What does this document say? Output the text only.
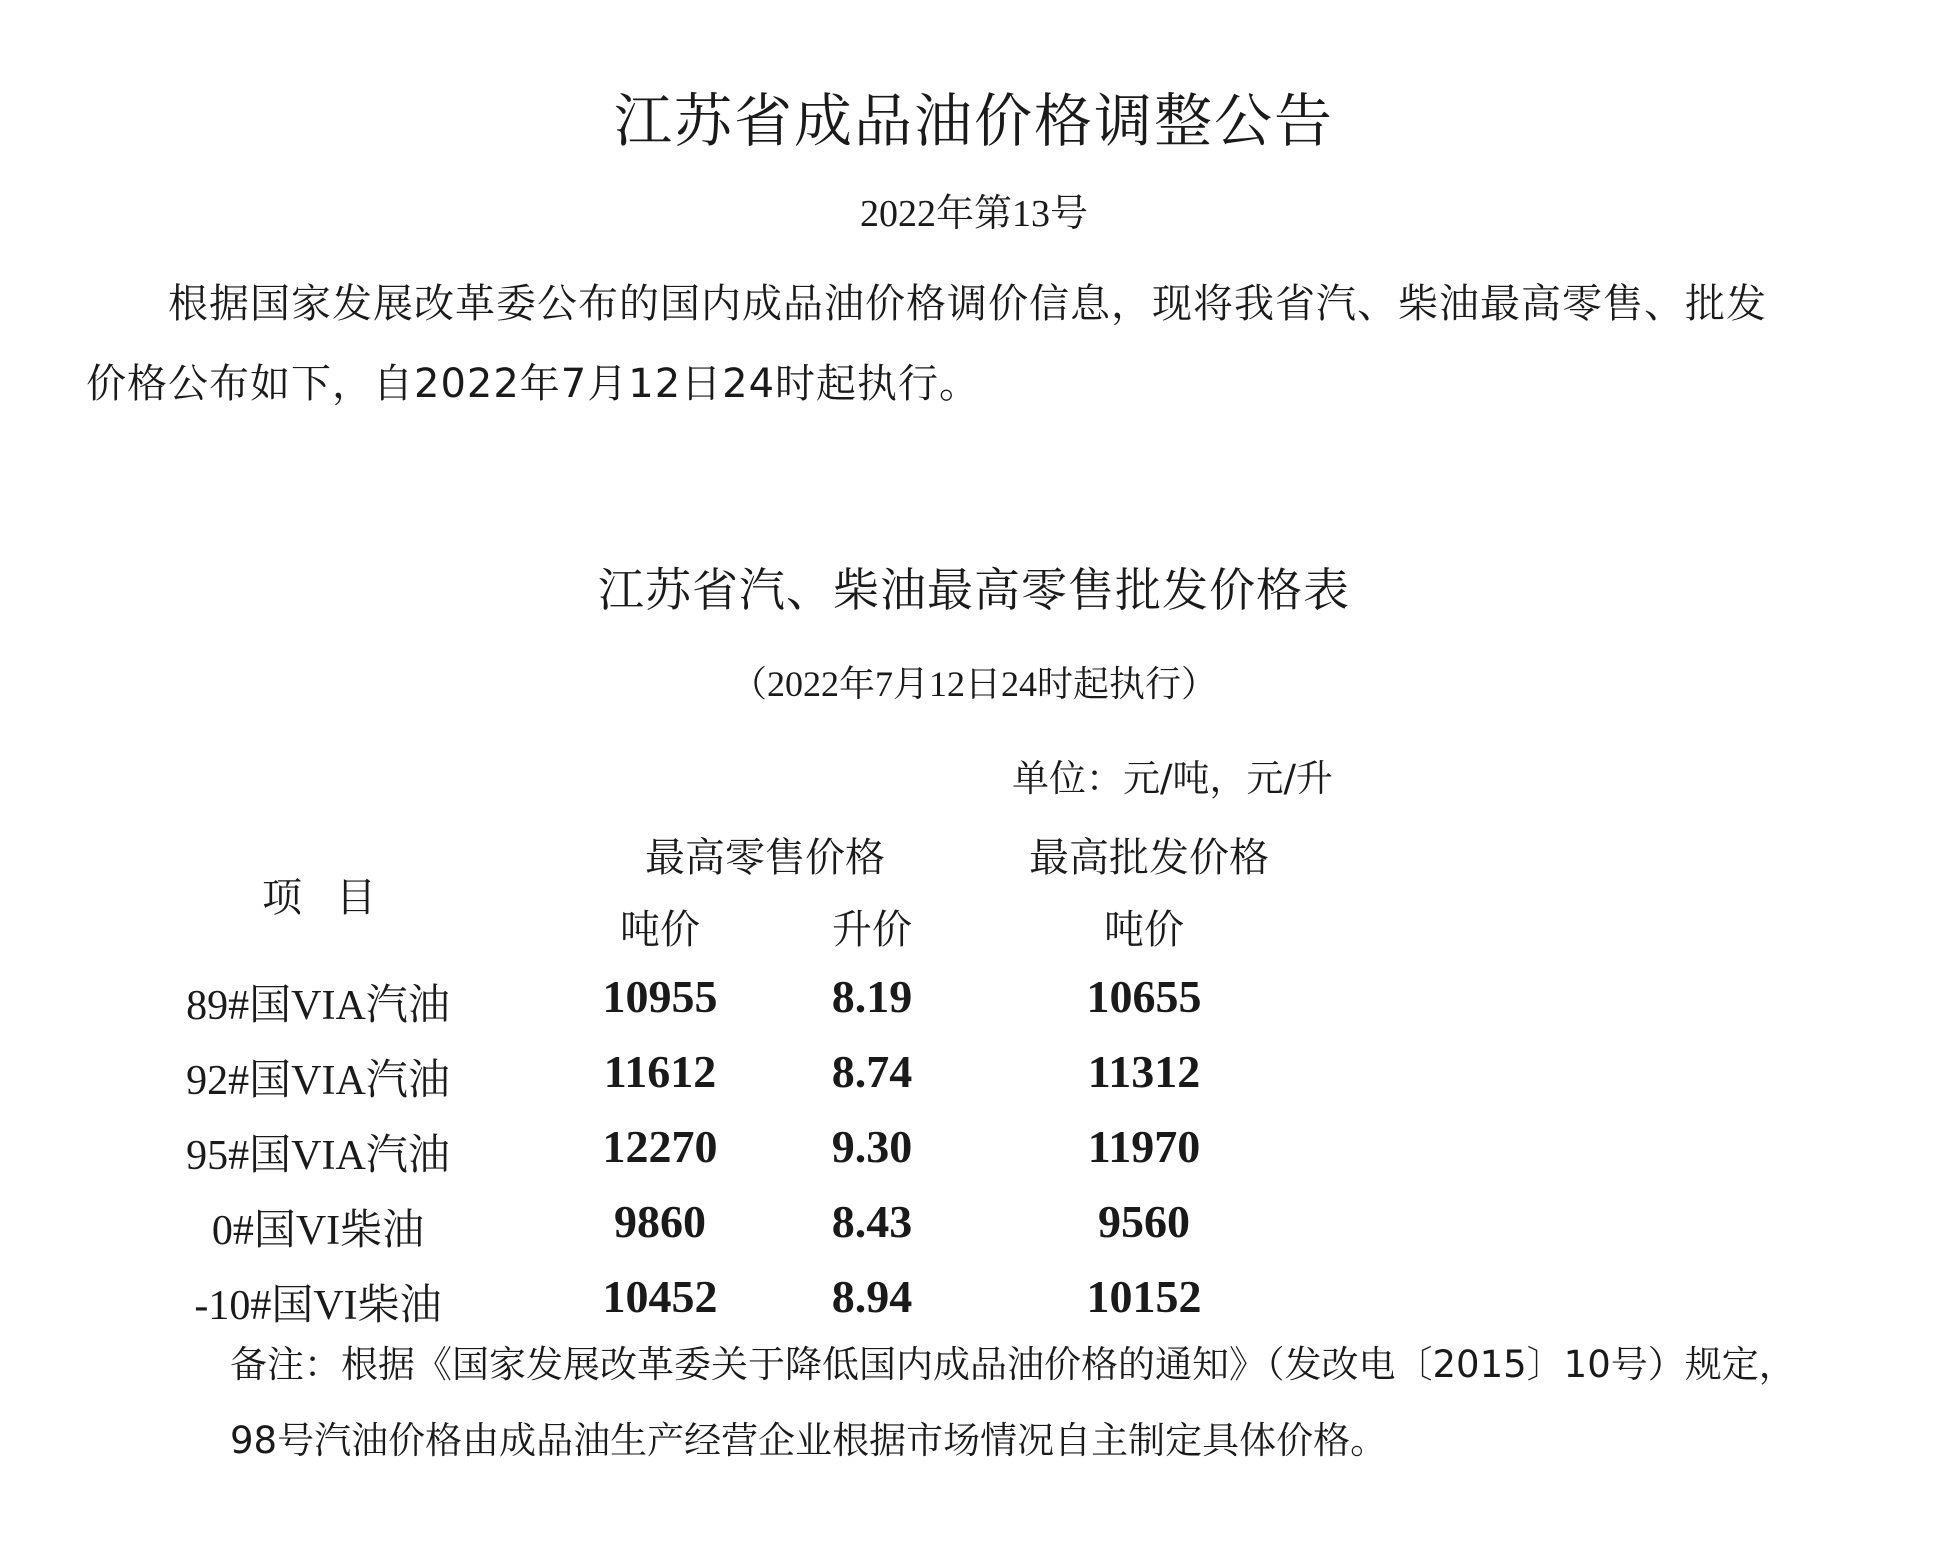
江苏省成品油价格调整公告
2022年第13号
根据国家发展改革委公布的国内成品油价格调价信息，现将我省汽、柴油最高零售、批发
价格公布如下，自2022年7月12日24时起执行。
江苏省汽、柴油最高零售批发价格表
（2022年7月12日24时起执行）
单位：元/吨，元/升
项目
最高零售价格	最高批发价格
吨价	升价	吨价
89#国VIA汽油	10955	8.19	10655
92#国VIA汽油	11612	8.74	11312
95#国VIA汽油	12270	9.30	11970
0#国VI柴油	9860	8.43	9560
-10#国VI柴油	10452	8.94	10152
备注：根据《国家发展改革委关于降低国内成品油价格的通知》（发改电〔2015〕10号）规定，
98号汽油价格由成品油生产经营企业根据市场情况自主制定具体价格。
